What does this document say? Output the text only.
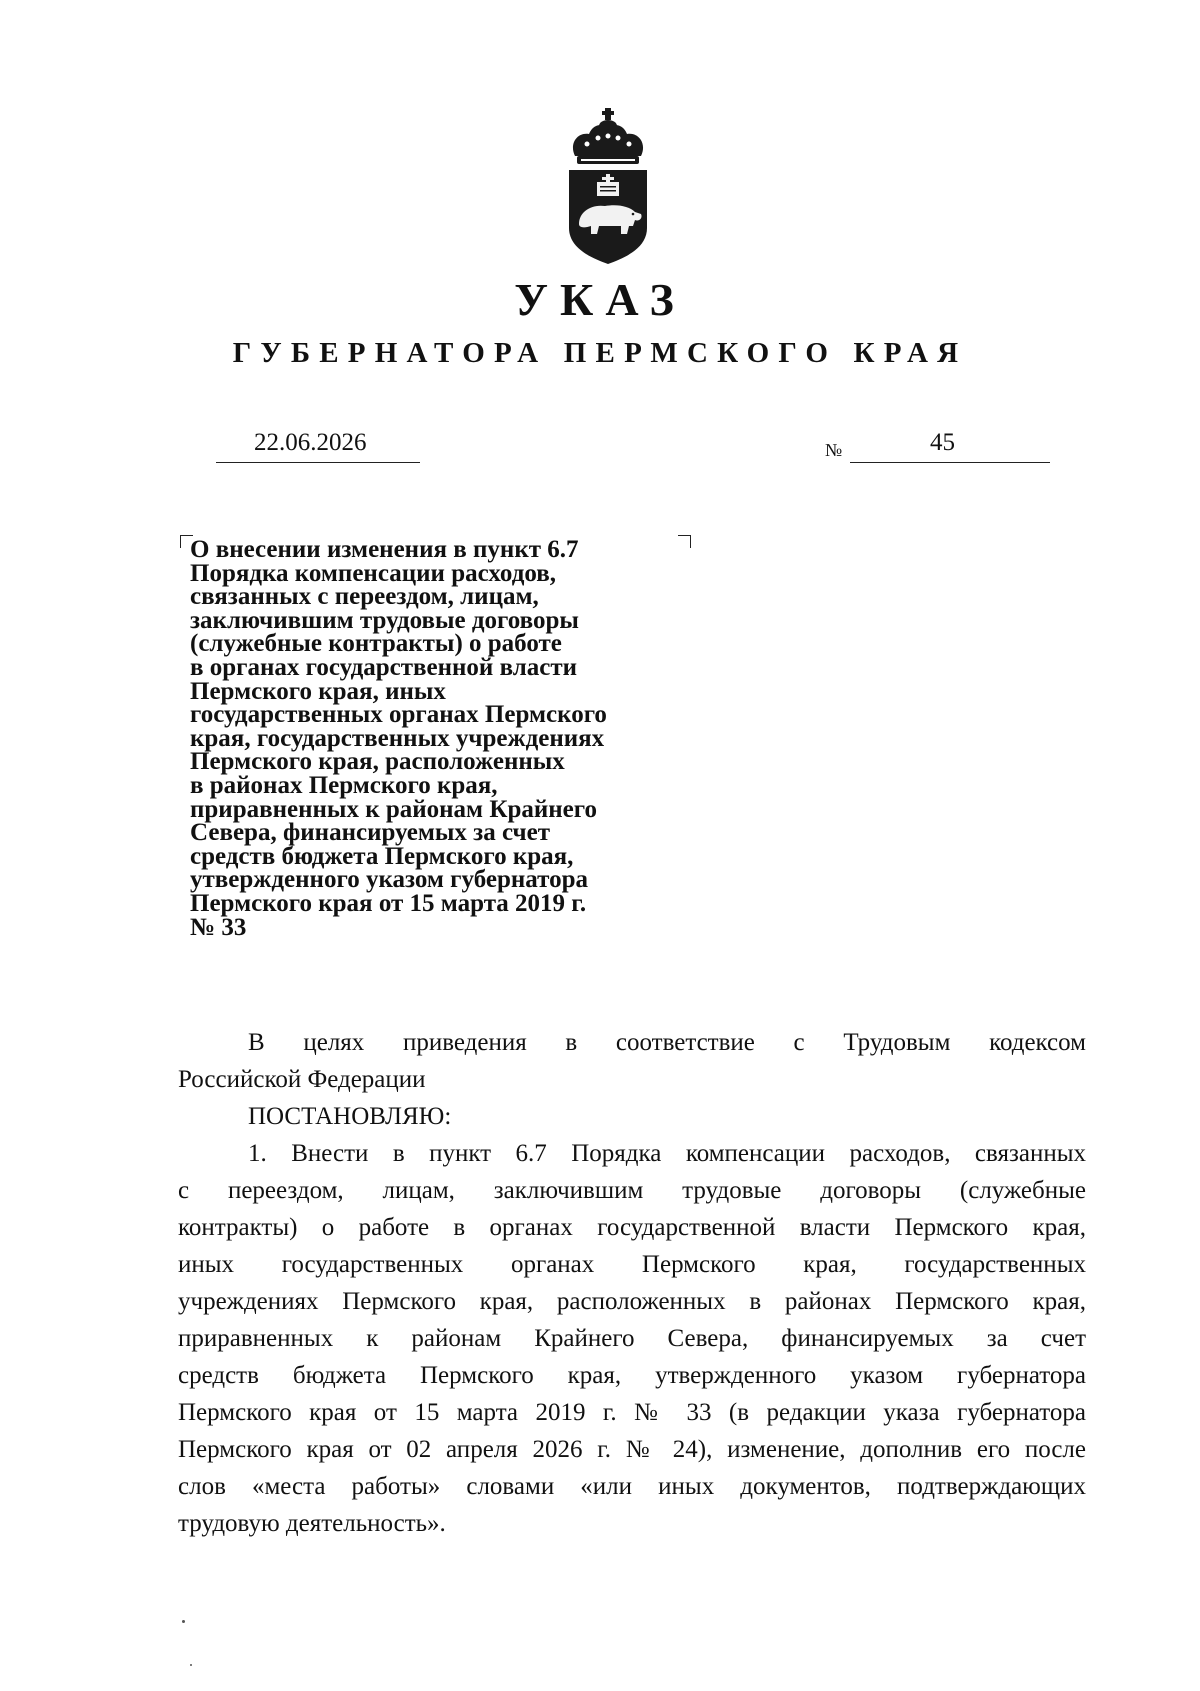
УКАЗ
ГУБЕРНАТОРА ПЕРМСКОГО КРАЯ
22.06.2026	№	45
О внесении изменения в пункт 6.7
Порядка компенсации расходов,
связанных с переездом, лицам,
заключившим трудовые договоры
(служебные контракты) о работе
в органах государственной власти
Пермского края, иных
государственных органах Пермского
края, государственных учреждениях
Пермского края, расположенных
в районах Пермского края,
приравненных к районам Крайнего
Севера, финансируемых за счет
средств бюджета Пермского края,
утвержденного указом губернатора
Пермского края от 15 марта 2019 г.
№ 33
В целях приведения в соответствие с Трудовым кодексом
Российской Федерации
ПОСТАНОВЛЯЮ:
1. Внести в пункт 6.7 Порядка компенсации расходов, связанных
с переездом, лицам, заключившим трудовые договоры (служебные
контракты) о работе в органах государственной власти Пермского края,
иных государственных органах Пермского края, государственных
учреждениях Пермского края, расположенных в районах Пермского края,
приравненных к районам Крайнего Севера, финансируемых за счет
средств бюджета Пермского края, утвержденного указом губернатора
Пермского края от 15 марта 2019 г. № 33 (в редакции указа губернатора
Пермского края от 02 апреля 2026 г. № 24), изменение, дополнив его после
слов «места работы» словами «или иных документов, подтверждающих
трудовую деятельность».
